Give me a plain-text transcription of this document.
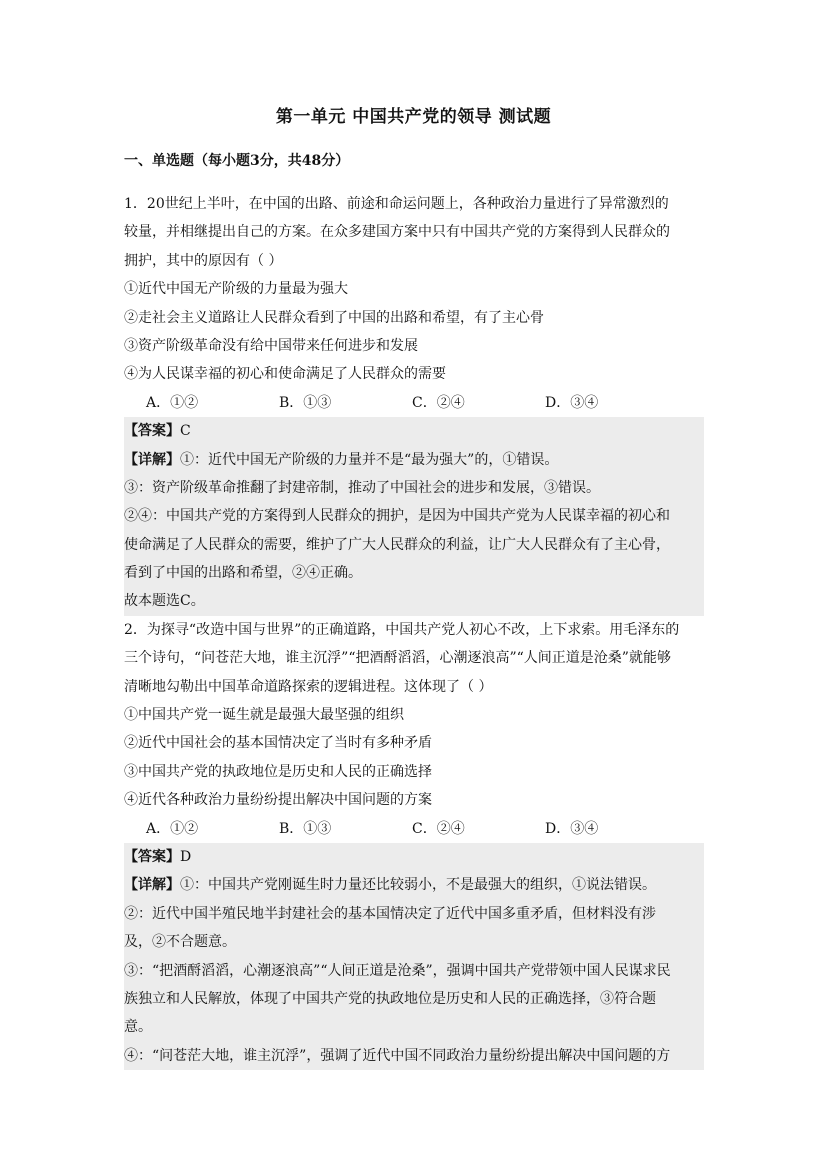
第一单元 中国共产党的领导 测试题
一、单选题（每小题3分，共48分）
1．20世纪上半叶，在中国的出路、前途和命运问题上，各种政治力量进行了异常激烈的
较量，并相继提出自己的方案。在众多建国方案中只有中国共产党的方案得到人民群众的
拥护，其中的原因有（ ）
①近代中国无产阶级的力量最为强大
②走社会主义道路让人民群众看到了中国的出路和希望，有了主心骨
③资产阶级革命没有给中国带来任何进步和发展
④为人民谋幸福的初心和使命满足了人民群众的需要
A．①②	B．①③	C．②④	D．③④
【答案】C
【详解】①：近代中国无产阶级的力量并不是“最为强大”的，①错误。
③：资产阶级革命推翻了封建帝制，推动了中国社会的进步和发展，③错误。
②④：中国共产党的方案得到人民群众的拥护，是因为中国共产党为人民谋幸福的初心和
使命满足了人民群众的需要，维护了广大人民群众的利益，让广大人民群众有了主心骨，
看到了中国的出路和希望，②④正确。
故本题选C。
2．为探寻“改造中国与世界”的正确道路，中国共产党人初心不改，上下求索。用毛泽东的
三个诗句，“问苍茫大地，谁主沉浮”“把酒酹滔滔，心潮逐浪高”“人间正道是沧桑”就能够
清晰地勾勒出中国革命道路探索的逻辑进程。这体现了（ ）
①中国共产党一诞生就是最强大最坚强的组织
②近代中国社会的基本国情决定了当时有多种矛盾
③中国共产党的执政地位是历史和人民的正确选择
④近代各种政治力量纷纷提出解决中国问题的方案
A．①②	B．①③	C．②④	D．③④
【答案】D
【详解】①：中国共产党刚诞生时力量还比较弱小，不是最强大的组织，①说法错误。
②：近代中国半殖民地半封建社会的基本国情决定了近代中国多重矛盾，但材料没有涉
及，②不合题意。
③：“把酒酹滔滔，心潮逐浪高”“人间正道是沧桑”，强调中国共产党带领中国人民谋求民
族独立和人民解放，体现了中国共产党的执政地位是历史和人民的正确选择，③符合题
意。
④：“问苍茫大地，谁主沉浮”，强调了近代中国不同政治力量纷纷提出解决中国问题的方
